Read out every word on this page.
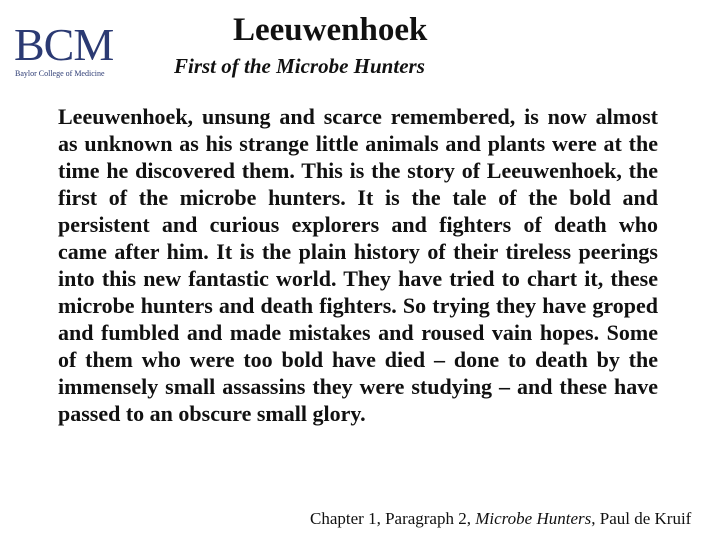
BCM
Baylor College of Medicine
Leeuwenhoek
First of the Microbe Hunters
Leeuwenhoek, unsung and scarce remembered, is now almost as unknown as his strange little animals and plants were at the time he discovered them. This is the story of Leeuwenhoek, the first of the microbe hunters. It is the tale of the bold and persistent and curious explorers and fighters of death who came after him. It is the plain history of their tireless peerings into this new fantastic world. They have tried to chart it, these microbe hunters and death fighters. So trying they have groped and fumbled and made mistakes and roused vain hopes. Some of them who were too bold have died – done to death by the immensely small assassins they were studying – and these have passed to an obscure small glory.
Chapter 1, Paragraph 2, Microbe Hunters, Paul de Kruif
